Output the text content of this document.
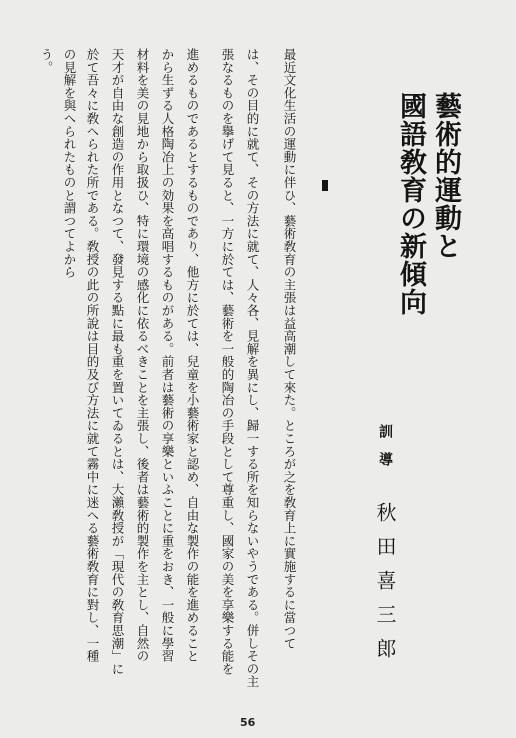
藝術的運動と
國語敎育の新傾向
訓導
秋田喜三郎
最近文化生活の運動に伴ひ、藝術敎育の主張は益高潮して來た。ところが之を敎育上に實施するに當つて
は、その目的に就て、その方法に就て、人々各、見解を異にし、歸一する所を知らないやうである。併しその主
張なるものを擧げて見ると、一方に於ては、藝術を一般的陶冶の手段として尊重し、國家の美を享樂する能を
進めるものであるとするものであり、他方に於ては、兒童を小藝術家と認め、自由な製作の能を進めること
から生ずる人格陶冶上の効果を高唱するものがある。前者は藝術の享樂といふことに重をおき、一般に學習
材料を美の見地から取扱ひ、特に環境の感化に依るべきことを主張し、後者は藝術的製作を主とし、自然の
天才が自由な創造の作用となつて、發見する點に最も重を置いてゐるとは、大瀨敎授が「現代の敎育思潮」に
於て吾々に敎へられた所である。敎授の此の所說は目的及び方法に就て霧中に迷へる藝術敎育に對し、一種
の見解を與へられたものと謂つてよから
う。
56
